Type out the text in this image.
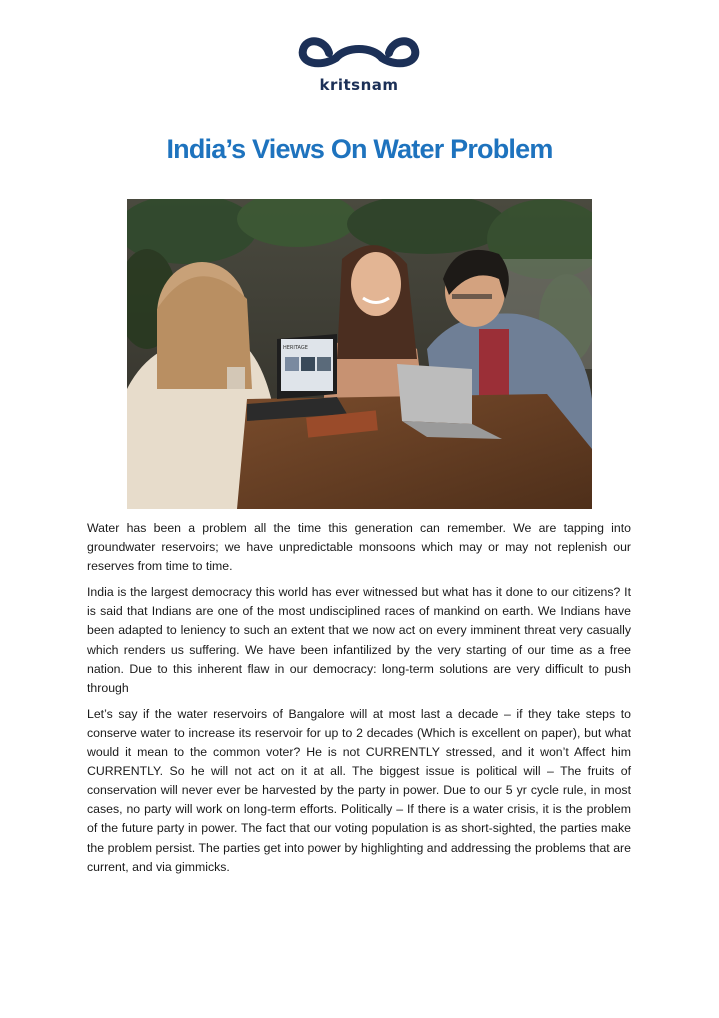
kritsnam
India’s Views On Water Problem
HERITAGE

Water has been a problem all the time this generation can remember. We are tapping into groundwater reservoirs; we have unpredictable monsoons which may or may not replenish our reserves from time to time.

India is the largest democracy this world has ever witnessed but what has it done to our citizens? It is said that Indians are one of the most undisciplined races of mankind on earth. We Indians have been adapted to leniency to such an extent that we now act on every imminent threat very casually which renders us suffering. We have been infantilized by the very starting of our time as a free nation. Due to this inherent flaw in our democracy: long-term solutions are very difficult to push through

Let’s say if the water reservoirs of Bangalore will at most last a decade – if they take steps to conserve water to increase its reservoir for up to 2 decades (Which is excellent on paper), but what would it mean to the common voter? He is not CURRENTLY stressed, and it won’t Affect him CURRENTLY. So he will not act on it at all. The biggest issue is political will – The fruits of conservation will never ever be harvested by the party in power. Due to our 5 yr cycle rule, in most cases, no party will work on long-term efforts. Politically – If there is a water crisis, it is the problem of the future party in power. The fact that our voting population is as short-sighted, the parties make the problem persist. The parties get into power by highlighting and addressing the problems that are current, and via gimmicks.
